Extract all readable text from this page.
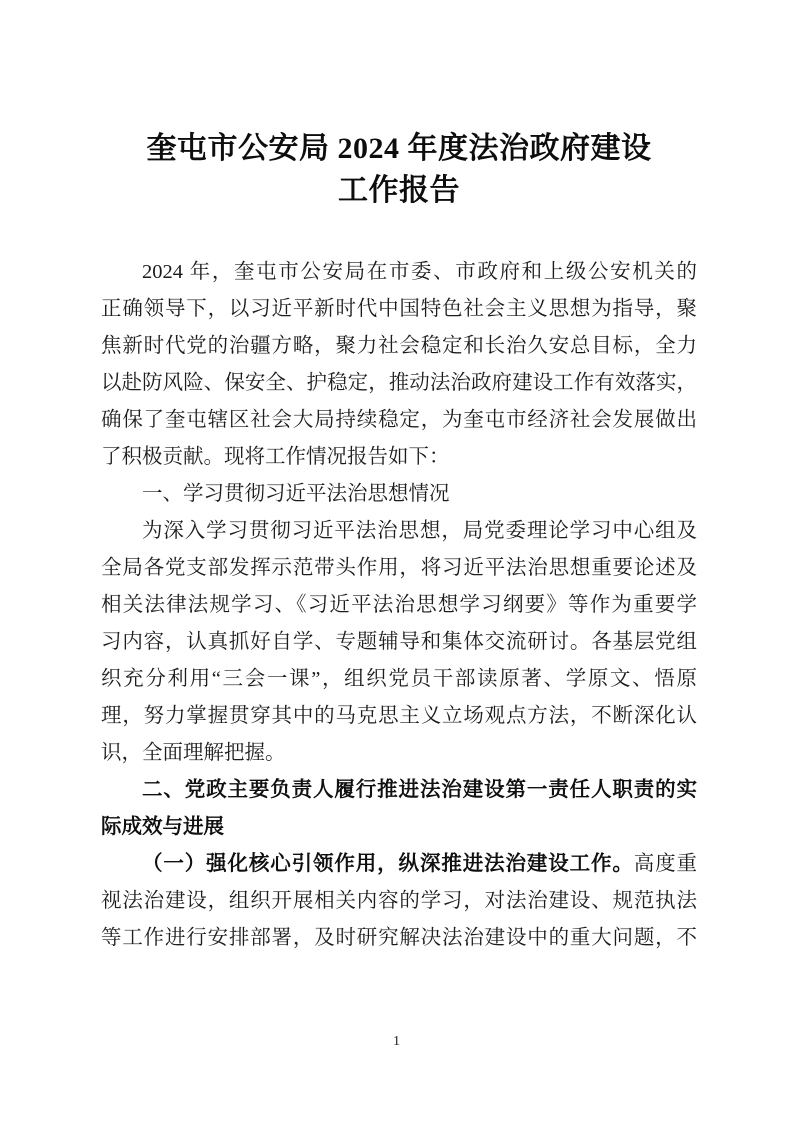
奎屯市公安局 2024 年度法治政府建设
工作报告
2024 年，奎屯市公安局在市委、市政府和上级公安机关的
正确领导下，以习近平新时代中国特色社会主义思想为指导，聚
焦新时代党的治疆方略，聚力社会稳定和长治久安总目标，全力
以赴防风险、保安全、护稳定，推动法治政府建设工作有效落实，
确保了奎屯辖区社会大局持续稳定，为奎屯市经济社会发展做出
了积极贡献。现将工作情况报告如下：
一、学习贯彻习近平法治思想情况
为深入学习贯彻习近平法治思想，局党委理论学习中心组及
全局各党支部发挥示范带头作用，将习近平法治思想重要论述及
相关法律法规学习、《习近平法治思想学习纲要》等作为重要学
习内容，认真抓好自学、专题辅导和集体交流研讨。各基层党组
织充分利用“三会一课”，组织党员干部读原著、学原文、悟原
理，努力掌握贯穿其中的马克思主义立场观点方法，不断深化认
识，全面理解把握。
二、党政主要负责人履行推进法治建设第一责任人职责的实
际成效与进展
（一）强化核心引领作用，纵深推进法治建设工作。高度重
视法治建设，组织开展相关内容的学习，对法治建设、规范执法
等工作进行安排部署，及时研究解决法治建设中的重大问题，不
1
